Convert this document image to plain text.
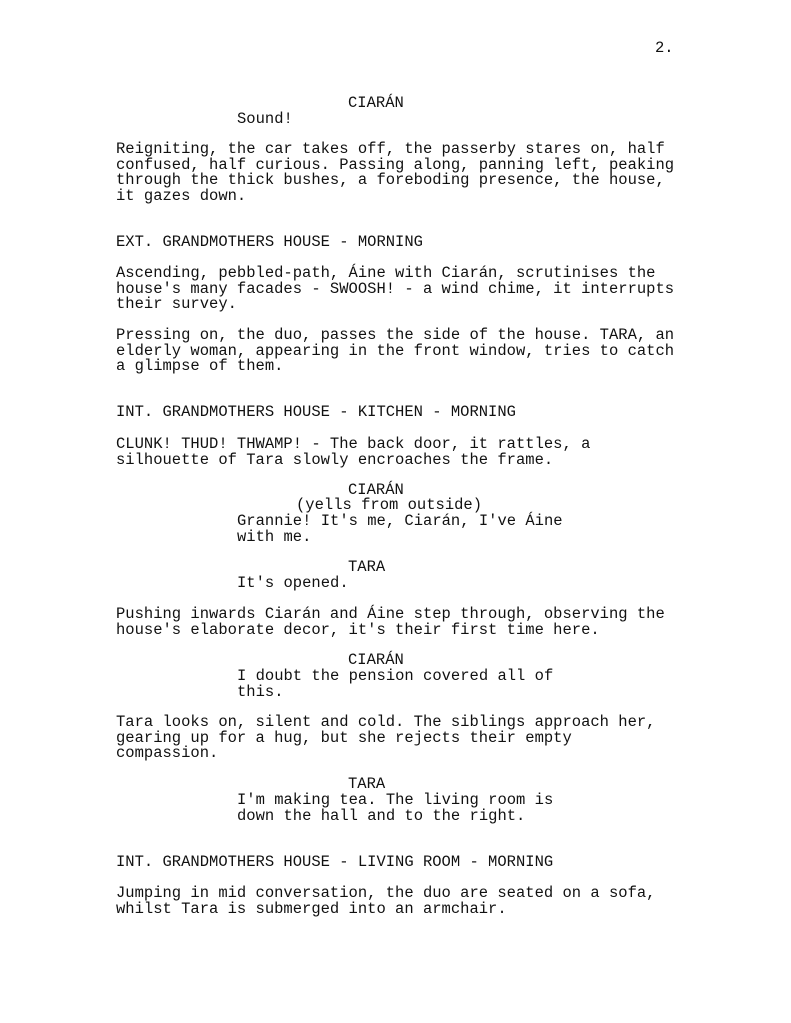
2.
CIARÁN
Sound!
Reigniting, the car takes off, the passerby stares on, half
confused, half curious. Passing along, panning left, peaking
through the thick bushes, a foreboding presence, the house,
it gazes down.
EXT. GRANDMOTHERS HOUSE - MORNING
Ascending, pebbled-path, Áine with Ciarán, scrutinises the
house's many facades - SWOOSH! - a wind chime, it interrupts
their survey.
Pressing on, the duo, passes the side of the house. TARA, an
elderly woman, appearing in the front window, tries to catch
a glimpse of them.
INT. GRANDMOTHERS HOUSE - KITCHEN - MORNING
CLUNK! THUD! THWAMP! - The back door, it rattles, a
silhouette of Tara slowly encroaches the frame.
CIARÁN
(yells from outside)
Grannie! It's me, Ciarán, I've Áine
with me.
TARA
It's opened.
Pushing inwards Ciarán and Áine step through, observing the
house's elaborate decor, it's their first time here.
CIARÁN
I doubt the pension covered all of
this.
Tara looks on, silent and cold. The siblings approach her,
gearing up for a hug, but she rejects their empty
compassion.
TARA
I'm making tea. The living room is
down the hall and to the right.
INT. GRANDMOTHERS HOUSE - LIVING ROOM - MORNING
Jumping in mid conversation, the duo are seated on a sofa,
whilst Tara is submerged into an armchair.
